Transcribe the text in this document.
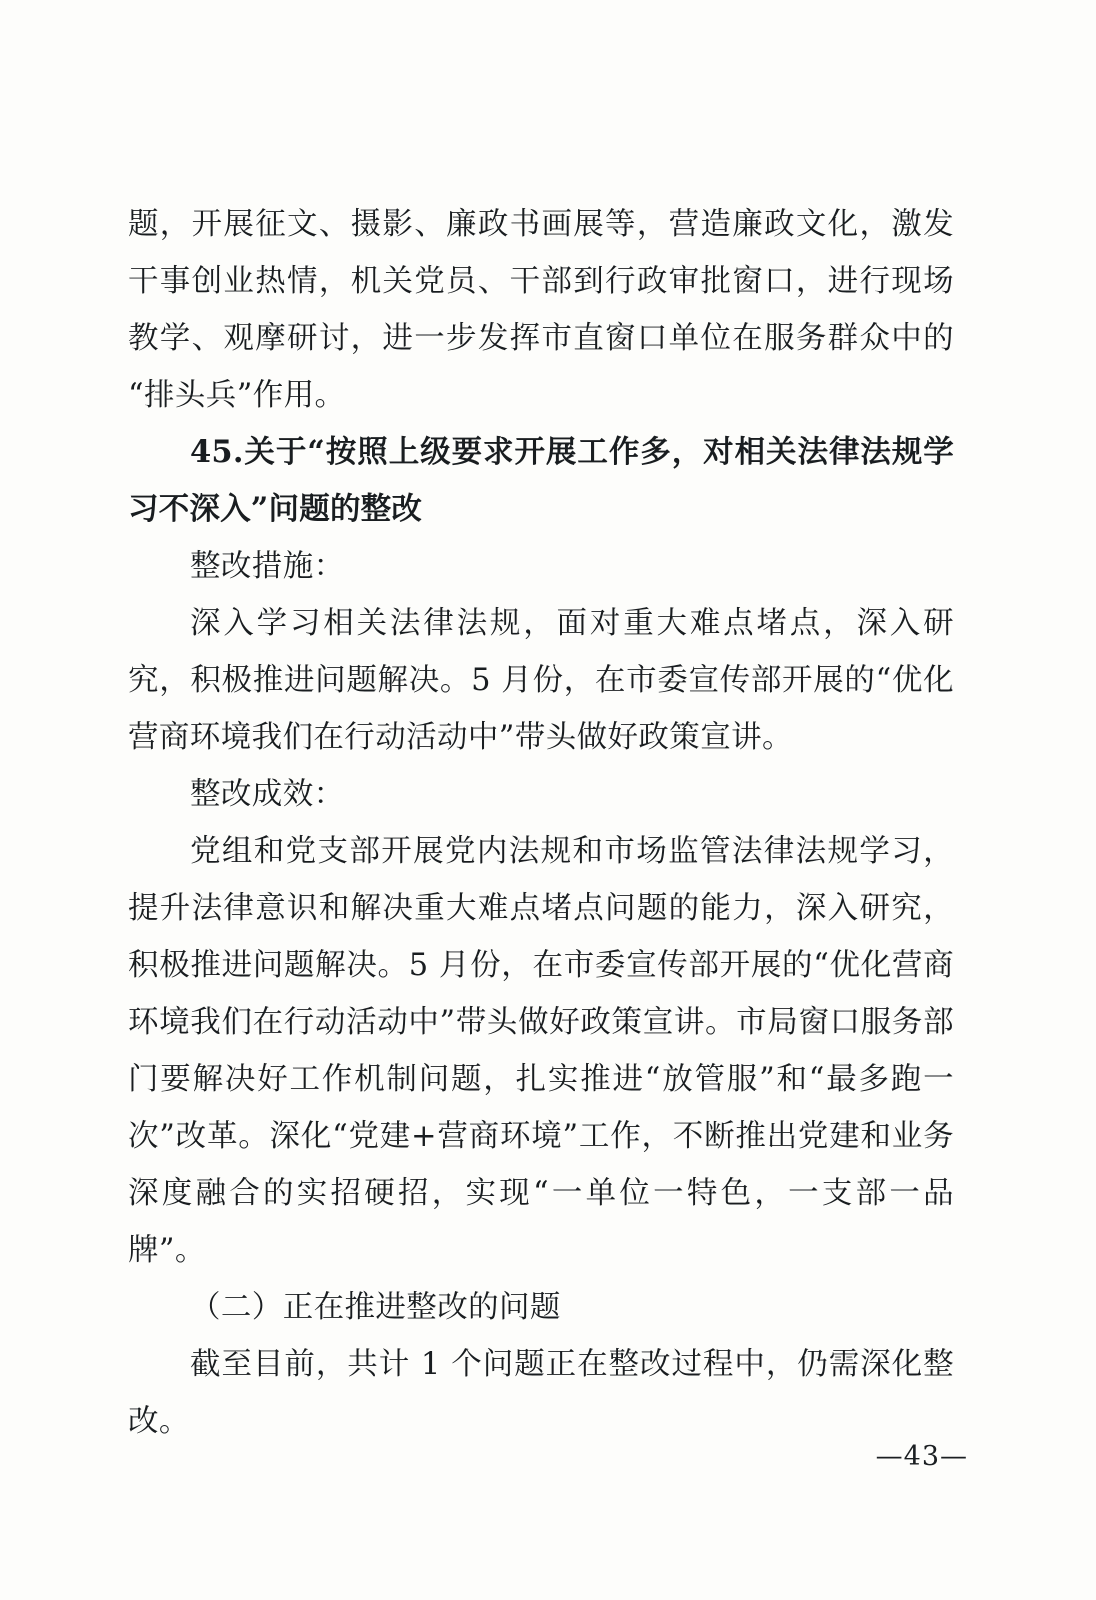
题，开展征文、摄影、廉政书画展等，营造廉政文化，激发干事创业热情，机关党员、干部到行政审批窗口，进行现场教学、观摩研讨，进一步发挥市直窗口单位在服务群众中的“排头兵”作用。

45.关于“按照上级要求开展工作多，对相关法律法规学习不深入”问题的整改

整改措施：

深入学习相关法律法规，面对重大难点堵点，深入研究，积极推进问题解决。5 月份，在市委宣传部开展的“优化营商环境我们在行动活动中”带头做好政策宣讲。

整改成效：

党组和党支部开展党内法规和市场监管法律法规学习，提升法律意识和解决重大难点堵点问题的能力，深入研究，积极推进问题解决。5 月份，在市委宣传部开展的“优化营商环境我们在行动活动中”带头做好政策宣讲。市局窗口服务部门要解决好工作机制问题，扎实推进“放管服”和“最多跑一次”改革。深化“党建+营商环境”工作，不断推出党建和业务深度融合的实招硬招，实现“一单位一特色，一支部一品牌”。

（二）正在推进整改的问题

截至目前，共计 1 个问题正在整改过程中，仍需深化整改。

—43—
